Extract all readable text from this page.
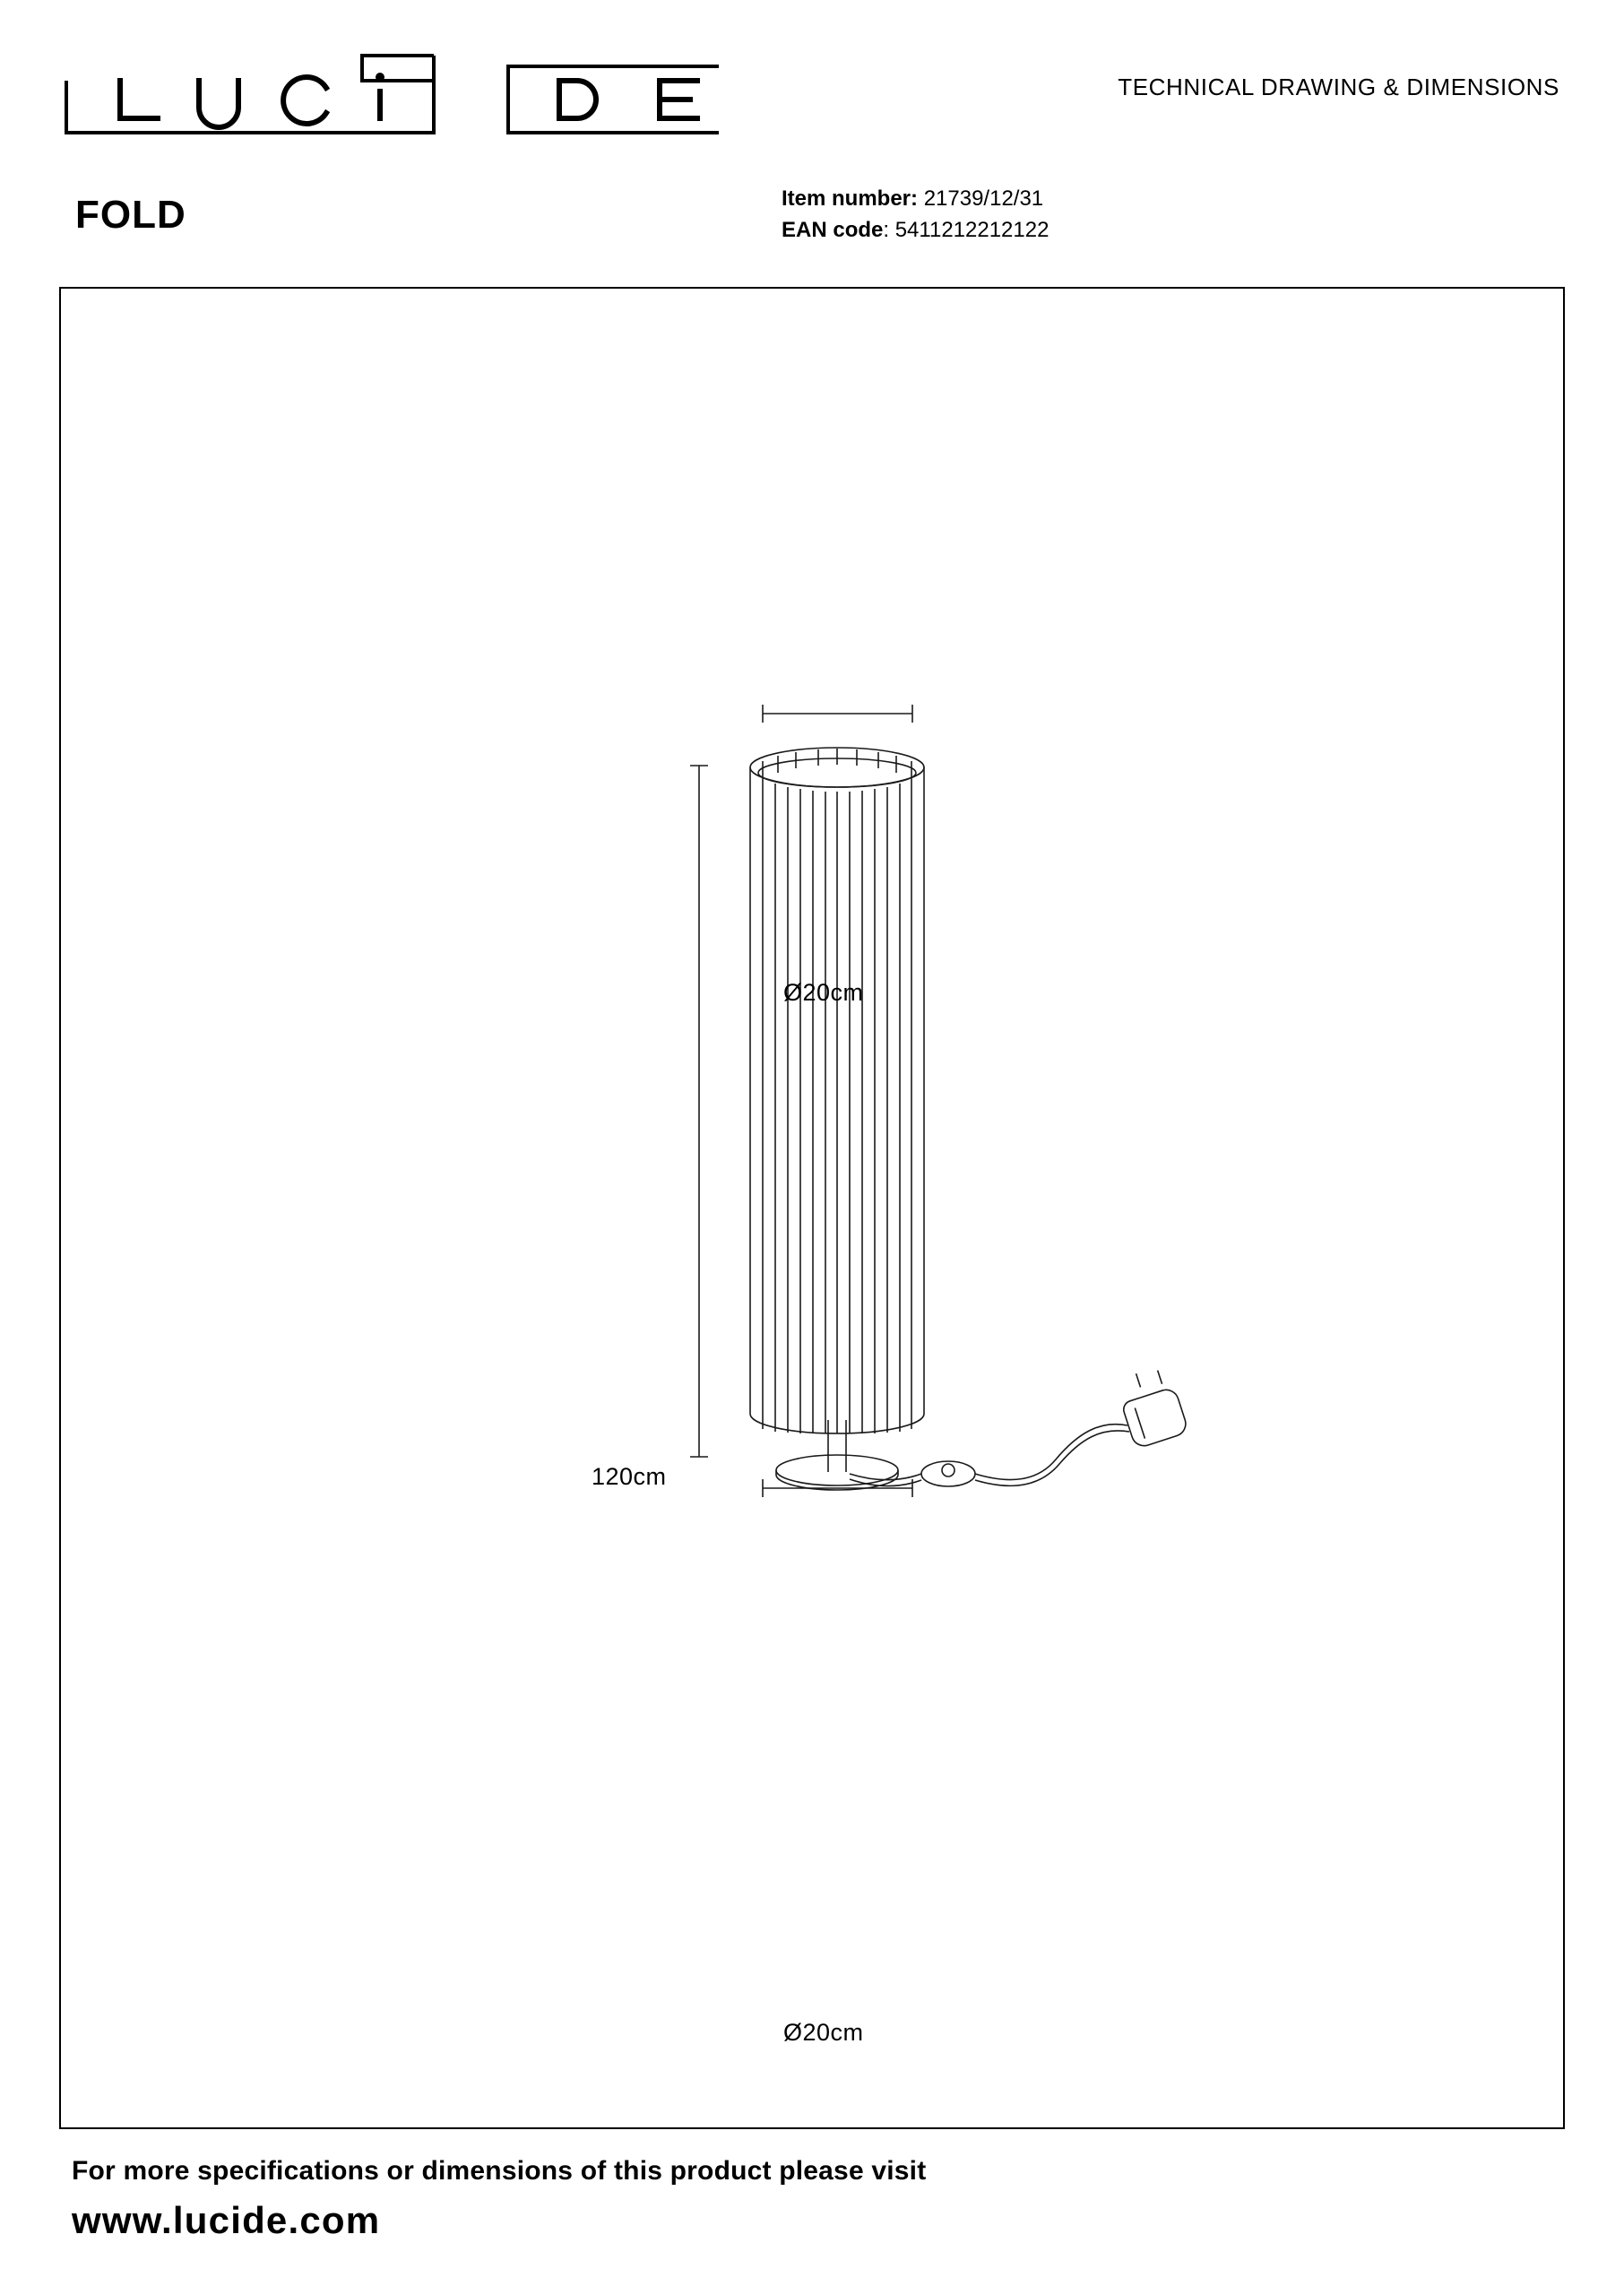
TECHNICAL DRAWING & DIMENSIONS
FOLD	Item number: 21739/12/31
EAN code: 5411212212122
Ø20cm
120cm
Ø20cm
For more specifications or dimensions of this product please visit
www.lucide.com
